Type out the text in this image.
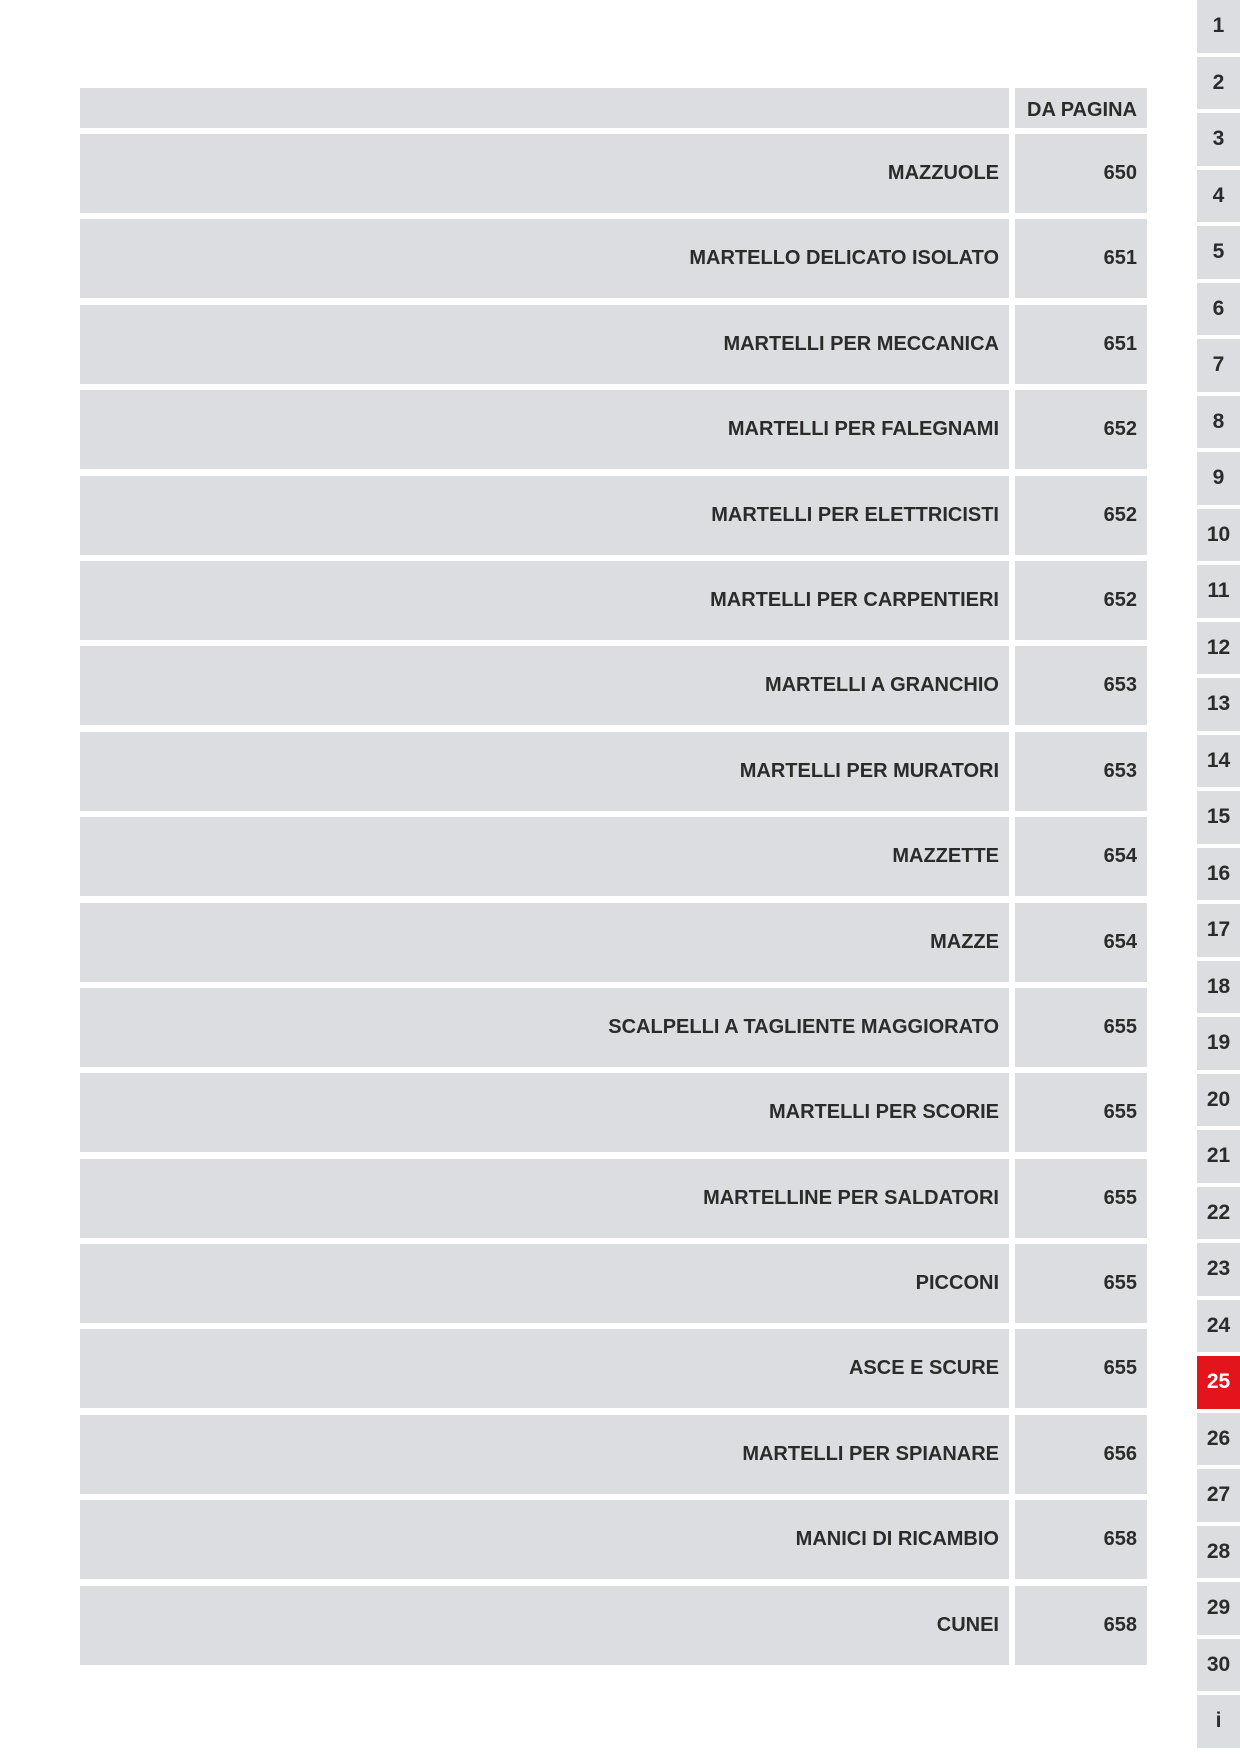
DA PAGINA
MAZZUOLE	650
MARTELLO DELICATO ISOLATO	651
MARTELLI PER MECCANICA	651
MARTELLI PER FALEGNAMI	652
MARTELLI PER ELETTRICISTI	652
MARTELLI PER CARPENTIERI	652
MARTELLI A GRANCHIO	653
MARTELLI PER MURATORI	653
MAZZETTE	654
MAZZE	654
SCALPELLI A TAGLIENTE MAGGIORATO	655
MARTELLI PER SCORIE	655
MARTELLINE PER SALDATORI	655
PICCONI	655
ASCE E SCURE	655
MARTELLI PER SPIANARE	656
MANICI DI RICAMBIO	658
CUNEI	658
1
2
3
4
5
6
7
8
9
10
11
12
13
14
15
16
17
18
19
20
21
22
23
24
25
26
27
28
29
30
i
